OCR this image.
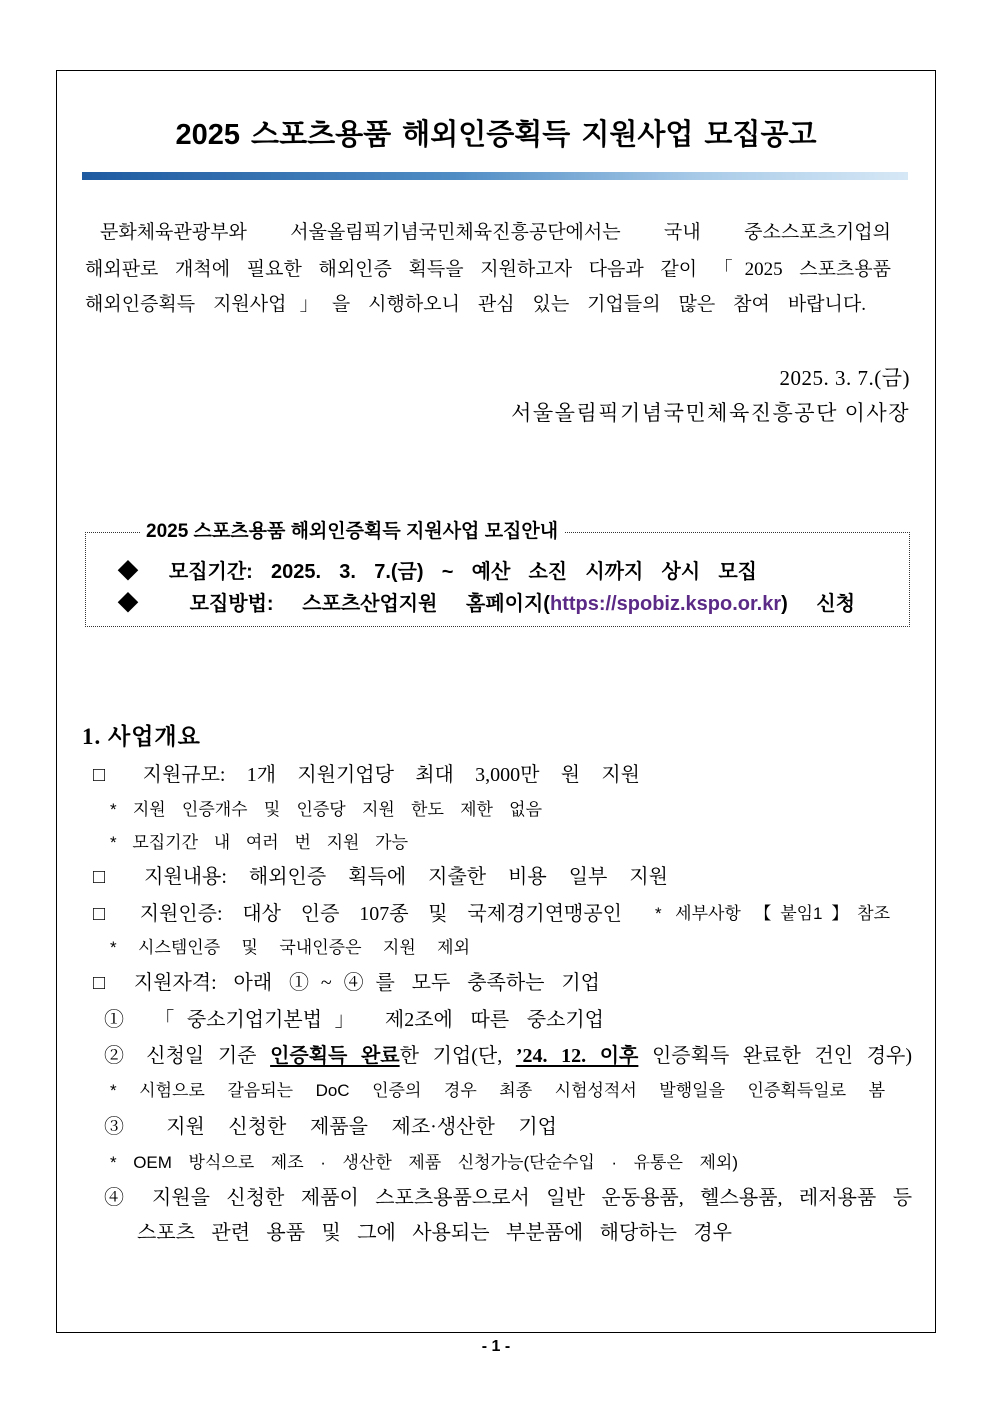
2025 스포츠용품 해외인증획득 지원사업 모집공고
문화체육관광부와 서울올림픽기념국민체육진흥공단에서는 국내 중소스포츠기업의
해외판로 개척에 필요한 해외인증 획득을 지원하고자 다음과 같이 「2025 스포츠용품
해외인증획득 지원사업」을 시행하오니 관심 있는 기업들의 많은 참여 바랍니다.
2025. 3. 7.(금)
서울올림픽기념국민체육진흥공단 이사장
2025 스포츠용품 해외인증획득 지원사업 모집안내
◆ 모집기간: 2025. 3. 7.(금) ~ 예산 소진 시까지 상시 모집
◆ 모집방법: 스포츠산업지원 홈페이지(https://spobiz.kspo.or.kr) 신청
1. 사업개요
□ 지원규모: 1개 지원기업당 최대 3,000만 원 지원
* 지원 인증개수 및 인증당 지원 한도 제한 없음
* 모집기간 내 여러 번 지원 가능
□ 지원내용: 해외인증 획득에 지출한 비용 일부 지원
□ 지원인증: 대상 인증 107종 및 국제경기연맹공인 * 세부사항 【붙임1】참조
* 시스템인증 및 국내인증은 지원 제외
□ 지원자격: 아래 ①~④를 모두 충족하는 기업
① 「중소기업기본법」 제2조에 따른 중소기업
② 신청일 기준 인증획득 완료한 기업(단, ’24. 12. 이후 인증획득 완료한 건인 경우)
* 시험으로 갈음되는 DoC 인증의 경우 최종 시험성적서 발행일을 인증획득일로 봄
③ 지원 신청한 제품을 제조·생산한 기업
* OEM 방식으로 제조 · 생산한 제품 신청가능(단순수입 · 유통은 제외)
④ 지원을 신청한 제품이 스포츠용품으로서 일반 운동용품, 헬스용품, 레저용품 등
스포츠 관련 용품 및 그에 사용되는 부분품에 해당하는 경우
- 1 -
